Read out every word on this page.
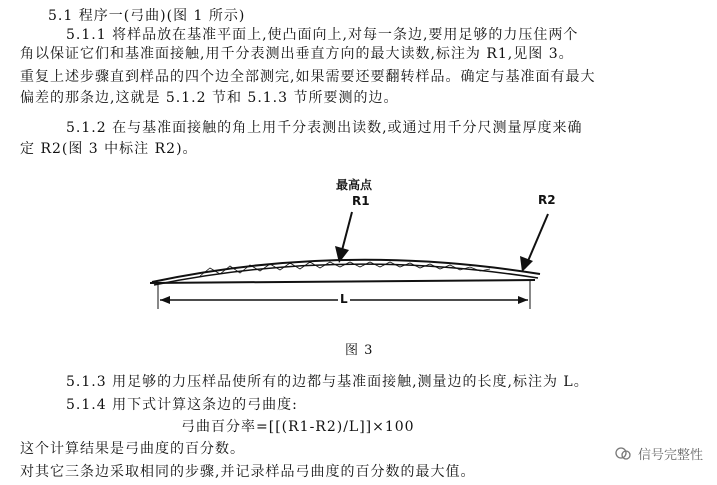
5.1 程序一(弓曲)(图 1 所示)
5.1.1 将样品放在基准平面上,使凸面向上,对每一条边,要用足够的力压住两个
角以保证它们和基准面接触,用千分表测出垂直方向的最大读数,标注为 R1,见图 3。
重复上述步骤直到样品的四个边全部测完,如果需要还要翻转样品。确定与基准面有最大
偏差的那条边,这就是 5.1.2 节和 5.1.3 节所要测的边。
5.1.2 在与基准面接触的角上用千分表测出读数,或通过用千分尺测量厚度来确
定 R2(图 3 中标注 R2)。
最高点
R1	R2
L
图 3
5.1.3 用足够的力压样品使所有的边都与基准面接触,测量边的长度,标注为 L。
5.1.4 用下式计算这条边的弓曲度:
弓曲百分率=[[(R1-R2)/L]]×100
这个计算结果是弓曲度的百分数。
对其它三条边采取相同的步骤,并记录样品弓曲度的百分数的最大值。
信号完整性
